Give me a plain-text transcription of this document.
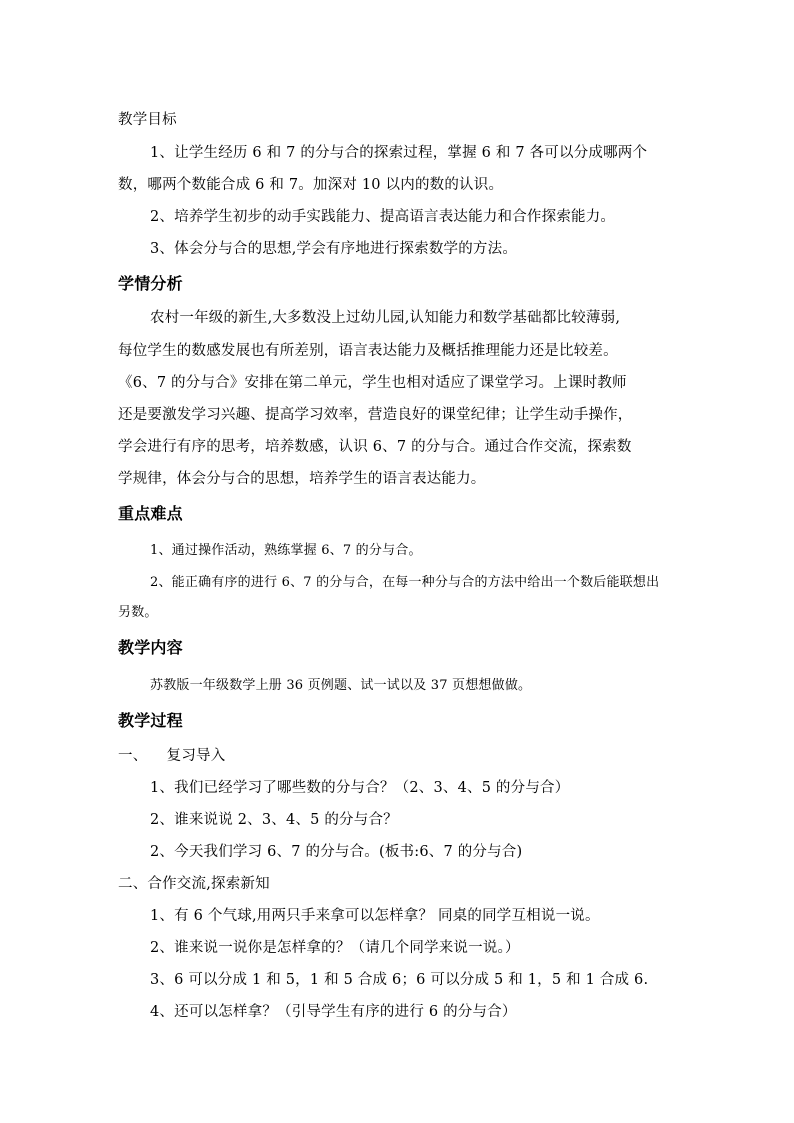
教学目标
1、让学生经历 6 和 7 的分与合的探索过程，掌握 6 和 7 各可以分成哪两个
数，哪两个数能合成 6 和 7。加深对 10 以内的数的认识。
2、培养学生初步的动手实践能力、提高语言表达能力和合作探索能力。
3、体会分与合的思想,学会有序地进行探索数学的方法。
学情分析
农村一年级的新生,大多数没上过幼儿园,认知能力和数学基础都比较薄弱,
每位学生的数感发展也有所差别，语言表达能力及概括推理能力还是比较差。
《6、7 的分与合》安排在第二单元，学生也相对适应了课堂学习。上课时教师
还是要激发学习兴趣、提高学习效率，营造良好的课堂纪律；让学生动手操作，
学会进行有序的思考，培养数感，认识 6、7 的分与合。通过合作交流，探索数
学规律，体会分与合的思想，培养学生的语言表达能力。
重点难点
1、通过操作活动，熟练掌握 6、7 的分与合。
2、能正确有序的进行 6、7 的分与合，在每一种分与合的方法中给出一个数后能联想出
另数。
教学内容
苏教版一年级数学上册 36 页例题、试一试以及 37 页想想做做。
教学过程
一、    复习导入
1、我们已经学习了哪些数的分与合？（2、3、4、5 的分与合）
2、谁来说说 2、3、4、5 的分与合？
2、今天我们学习 6、7 的分与合。(板书:6、7 的分与合)
二、合作交流,探索新知
1、有 6 个气球,用两只手来拿可以怎样拿？ 同桌的同学互相说一说。
2、谁来说一说你是怎样拿的？（请几个同学来说一说。）
3、6 可以分成 1 和 5，1 和 5 合成 6；6 可以分成 5 和 1，5 和 1 合成 6.
4、还可以怎样拿？（引导学生有序的进行 6 的分与合）
